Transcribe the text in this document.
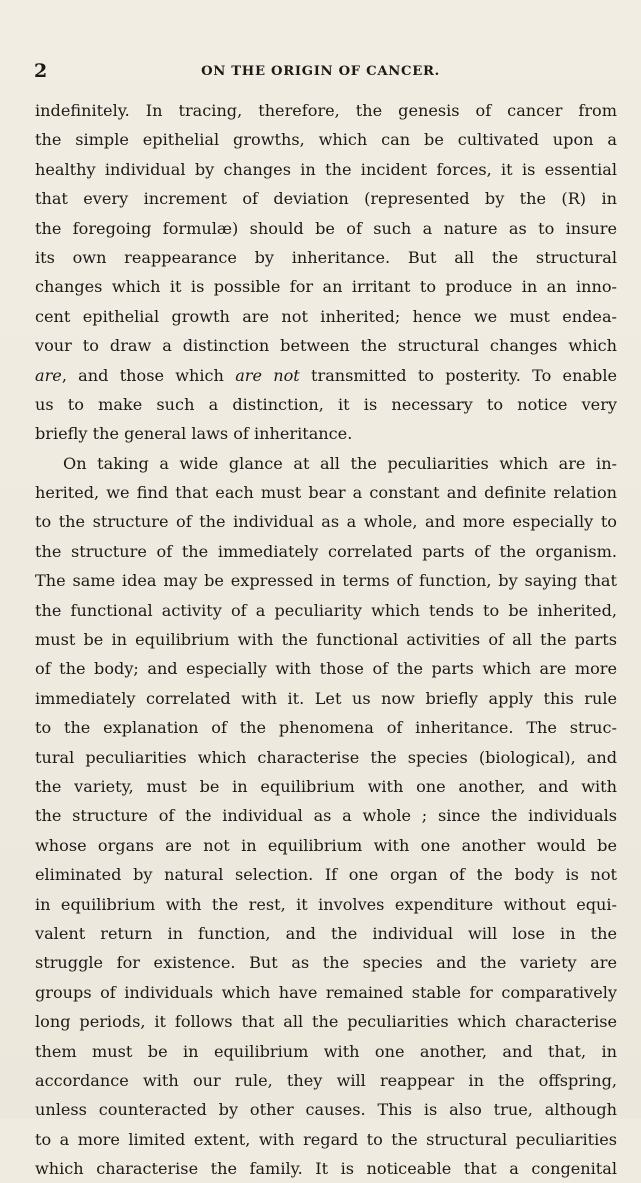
2	ON THE ORIGIN OF CANCER.
indefinitely. In tracing, therefore, the genesis of cancer from
the simple epithelial growths, which can be cultivated upon a
healthy individual by changes in the incident forces, it is essential
that every increment of deviation (represented by the (R) in
the foregoing formulæ) should be of such a nature as to insure
its own reappearance by inheritance. But all the structural
changes which it is possible for an irritant to produce in an inno-
cent epithelial growth are not inherited; hence we must endea-
vour to draw a distinction between the structural changes which
are, and those which are not transmitted to posterity. To enable
us to make such a distinction, it is necessary to notice very
briefly the general laws of inheritance.
On taking a wide glance at all the peculiarities which are in-
herited, we find that each must bear a constant and definite relation
to the structure of the individual as a whole, and more especially to
the structure of the immediately correlated parts of the organism.
The same idea may be expressed in terms of function, by saying that
the functional activity of a peculiarity which tends to be inherited,
must be in equilibrium with the functional activities of all the parts
of the body; and especially with those of the parts which are more
immediately correlated with it. Let us now briefly apply this rule
to the explanation of the phenomena of inheritance. The struc-
tural peculiarities which characterise the species (biological), and
the variety, must be in equilibrium with one another, and with
the structure of the individual as a whole ; since the individuals
whose organs are not in equilibrium with one another would be
eliminated by natural selection. If one organ of the body is not
in equilibrium with the rest, it involves expenditure without equi-
valent return in function, and the individual will lose in the
struggle for existence. But as the species and the variety are
groups of individuals which have remained stable for comparatively
long periods, it follows that all the peculiarities which characterise
them must be in equilibrium with one another, and that, in
accordance with our rule, they will reappear in the offspring,
unless counteracted by other causes. This is also true, although
to a more limited extent, with regard to the structural peculiarities
which characterise the family. It is noticeable that a congenital
